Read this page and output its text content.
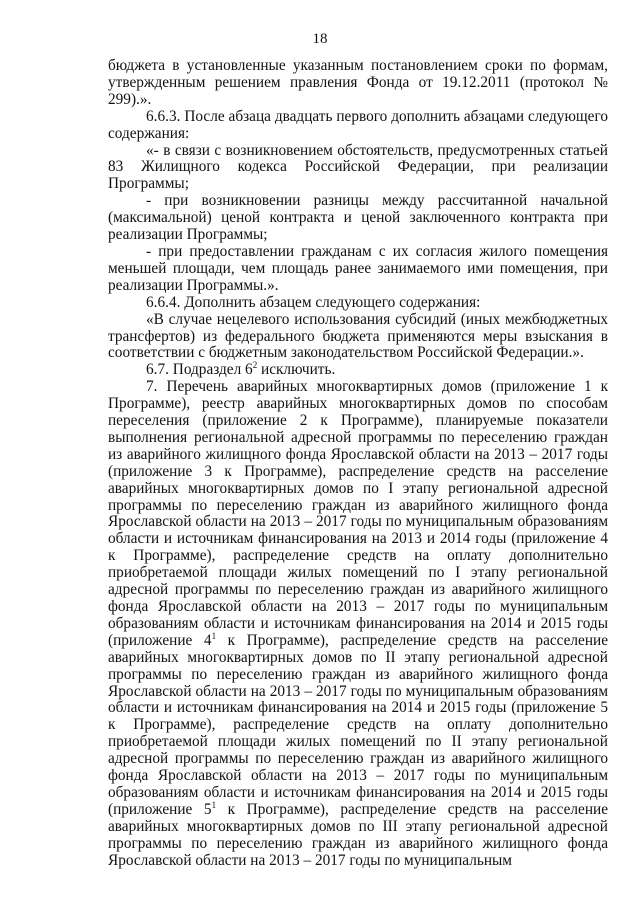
18

бюджета в установленные указанным постановлением сроки по формам, утвержденным решением правления Фонда от 19.12.2011 (протокол № 299).».

6.6.3. После абзаца двадцать первого дополнить абзацами следующего содержания:

«- в связи с возникновением обстоятельств, предусмотренных статьей 83 Жилищного кодекса Российской Федерации, при реализации Программы;

- при возникновении разницы между рассчитанной начальной (максимальной) ценой контракта и ценой заключенного контракта при реализации Программы;

- при предоставлении гражданам с их согласия жилого помещения меньшей площади, чем площадь ранее занимаемого ими помещения, при реализации Программы.».

6.6.4. Дополнить абзацем следующего содержания:

«В случае нецелевого использования субсидий (иных межбюджетных трансфертов) из федерального бюджета применяются меры взыскания в соответствии с бюджетным законодательством Российской Федерации.».

6.7. Подраздел $6^2$ исключить.

7. Перечень аварийных многоквартирных домов (приложение 1 к Программе), реестр аварийных многоквартирных домов по способам переселения (приложение 2 к Программе), планируемые показатели выполнения региональной адресной программы по переселению граждан из аварийного жилищного фонда Ярославской области на 2013 – 2017 годы (приложение 3 к Программе), распределение средств на расселение аварийных многоквартирных домов по I этапу региональной адресной программы по переселению граждан из аварийного жилищного фонда Ярославской области на 2013 – 2017 годы по муниципальным образованиям области и источникам финансирования на 2013 и 2014 годы (приложение 4 к Программе), распределение средств на оплату дополнительно приобретаемой площади жилых помещений по I этапу региональной адресной программы по переселению граждан из аварийного жилищного фонда Ярославской области на 2013 – 2017 годы по муниципальным образованиям области и источникам финансирования на 2014 и 2015 годы (приложение $4^1$ к Программе), распределение средств на расселение аварийных многоквартирных домов по II этапу региональной адресной программы по переселению граждан из аварийного жилищного фонда Ярославской области на 2013 – 2017 годы по муниципальным образованиям области и источникам финансирования на 2014 и 2015 годы (приложение 5 к Программе), распределение средств на оплату дополнительно приобретаемой площади жилых помещений по II этапу региональной адресной программы по переселению граждан из аварийного жилищного фонда Ярославской области на 2013 – 2017 годы по муниципальным образованиям области и источникам финансирования на 2014 и 2015 годы (приложение $5^1$ к Программе), распределение средств на расселение аварийных многоквартирных домов по III этапу региональной адресной программы по переселению граждан из аварийного жилищного фонда Ярославской области на 2013 – 2017 годы по муниципальным
